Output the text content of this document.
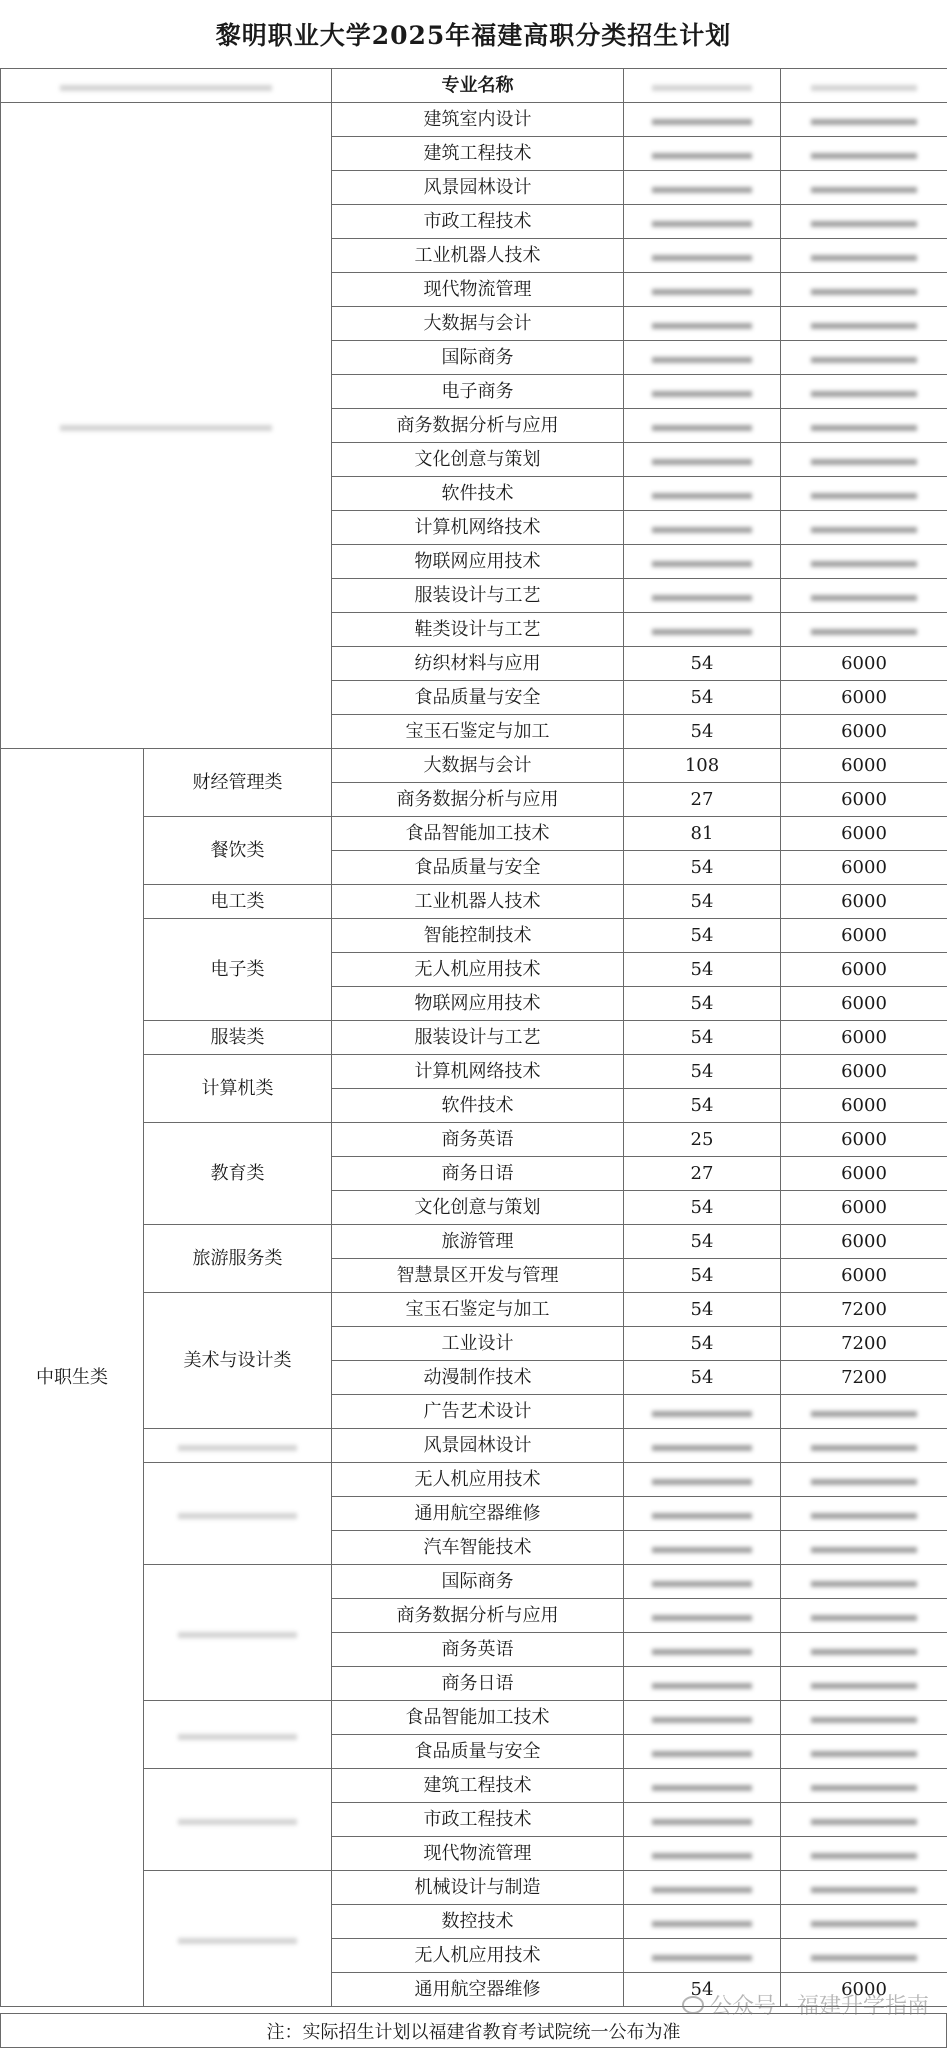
黎明职业大学2025年福建高职分类招生计划
		专业名称		
		建筑室内设计		
		建筑工程技术		
		风景园林设计		
		市政工程技术		
		工业机器人技术		
		现代物流管理		
		大数据与会计		
		国际商务		
		电子商务		
		商务数据分析与应用		
		文化创意与策划		
		软件技术		
		计算机网络技术		
		物联网应用技术		
		服装设计与工艺		
		鞋类设计与工艺		
		纺织材料与应用	54	6000
		食品质量与安全	54	6000
		宝玉石鉴定与加工	54	6000
中职生类	财经管理类	大数据与会计	108	6000
		商务数据分析与应用	27	6000
	餐饮类	食品智能加工技术	81	6000
		食品质量与安全	54	6000
	电工类	工业机器人技术	54	6000
	电子类	智能控制技术	54	6000
		无人机应用技术	54	6000
		物联网应用技术	54	6000
	服装类	服装设计与工艺	54	6000
	计算机类	计算机网络技术	54	6000
		软件技术	54	6000
	教育类	商务英语	25	6000
		商务日语	27	6000
		文化创意与策划	54	6000
	旅游服务类	旅游管理	54	6000
		智慧景区开发与管理	54	6000
	美术与设计类	宝玉石鉴定与加工	54	7200
		工业设计	54	7200
		动漫制作技术	54	7200
		广告艺术设计		
		风景园林设计		
		无人机应用技术		
		通用航空器维修		
		汽车智能技术		
		国际商务		
		商务数据分析与应用		
		商务英语		
		商务日语		
		食品智能加工技术		
		食品质量与安全		
		建筑工程技术		
		市政工程技术		
		现代物流管理		
		机械设计与制造		
		数控技术		
		无人机应用技术		
		通用航空器维修	54	6000
注：实际招生计划以福建省教育考试院统一公布为准
公众号 · 福建升学指南
